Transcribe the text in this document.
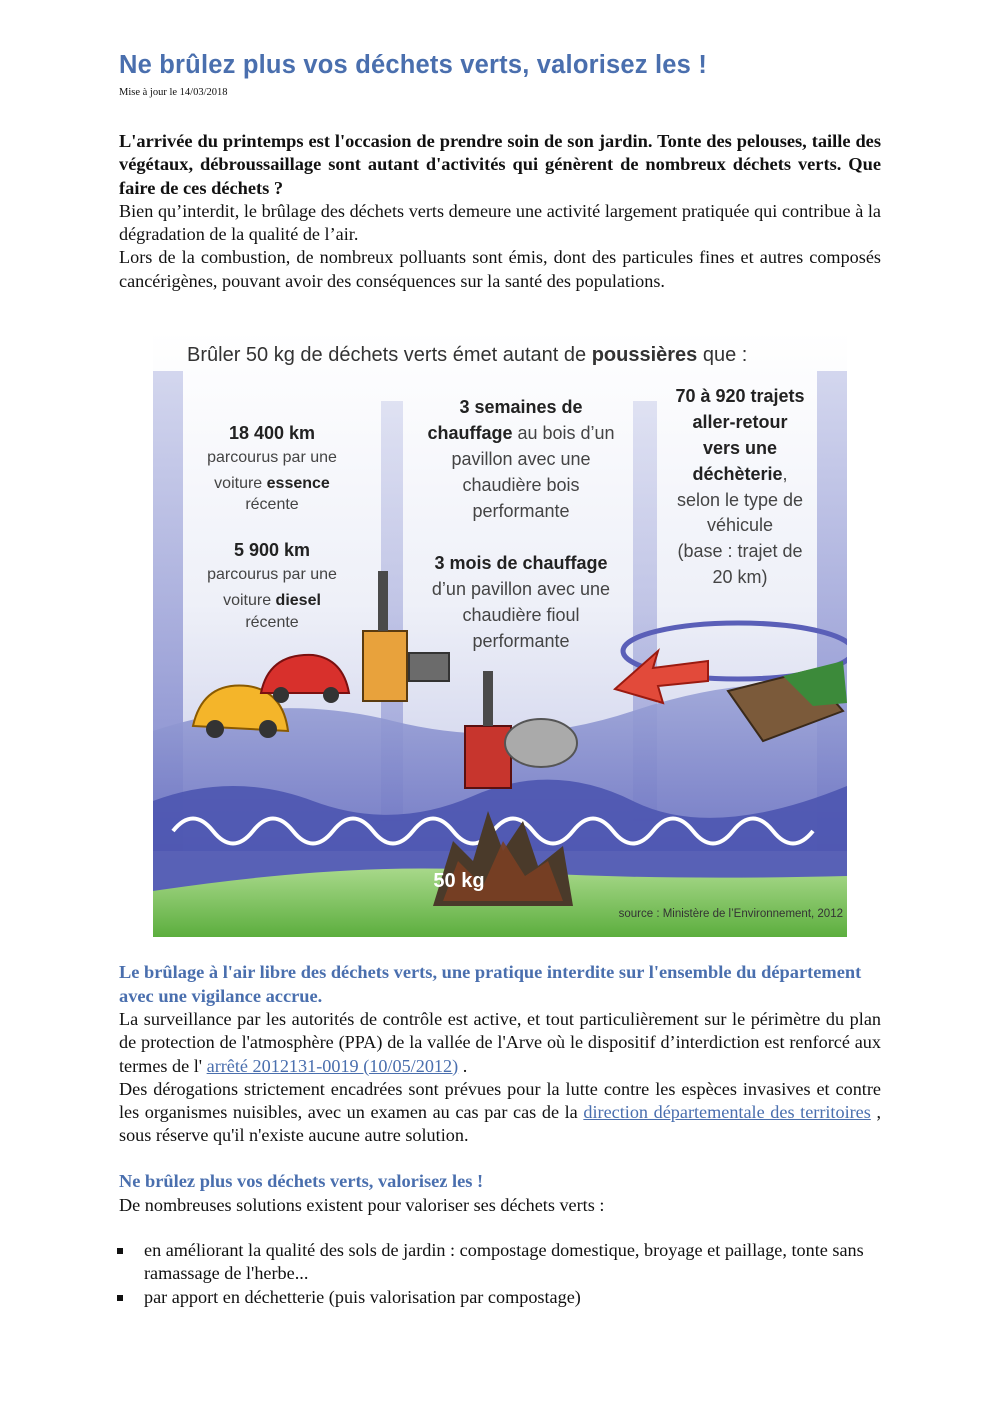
Ne brûlez plus vos déchets verts, valorisez les !
Mise à jour le 14/03/2018
L'arrivée du printemps est l'occasion de prendre soin de son jardin. Tonte des pelouses, taille des végétaux, débroussaillage sont autant d'activités qui génèrent de nombreux déchets verts. Que faire de ces déchets ?

Bien qu’interdit, le brûlage des déchets verts demeure une activité largement pratiquée qui contribue à la dégradation de la qualité de l’air.

Lors de la combustion, de nombreux polluants sont émis, dont des particules fines et autres composés cancérigènes, pouvant avoir des conséquences sur la santé des populations.

Brûler 50 kg de déchets verts émet autant de poussières que :
18 400 km
parcourus par une
voiture essence
récente
5 900 km
parcourus par une
voiture diesel
récente
3 semaines de
chauffage au bois d’un
pavillon avec une
chaudière bois
performante
3 mois de chauffage
d’un pavillon avec une
chaudière fioul
performante
70 à 920 trajets
aller-retour
vers une
déchèterie,
selon le type de
véhicule
(base : trajet de
20 km)
50 kg
source : Ministère de l’Environnement, 2012
Le brûlage à l'air libre des déchets verts, une pratique interdite sur l'ensemble du département avec une vigilance accrue.

La surveillance par les autorités de contrôle est active, et tout particulièrement sur le périmètre du plan de protection de l'atmosphère (PPA) de la vallée de l'Arve où le dispositif d’interdiction est renforcé aux termes de l' arrêté 2012131-0019 (10/05/2012) .

Des dérogations strictement encadrées sont prévues pour la lutte contre les espèces invasives et contre les organismes nuisibles, avec un examen au cas par cas de la direction départementale des territoires , sous réserve qu'il n'existe aucune autre solution.

Ne brûlez plus vos déchets verts, valorisez les !

De nombreuses solutions existent pour valoriser ses déchets verts :

en améliorant la qualité des sols de jardin : compostage domestique, broyage et paillage, tonte sans ramassage de l'herbe...
par apport en déchetterie (puis valorisation par compostage)
